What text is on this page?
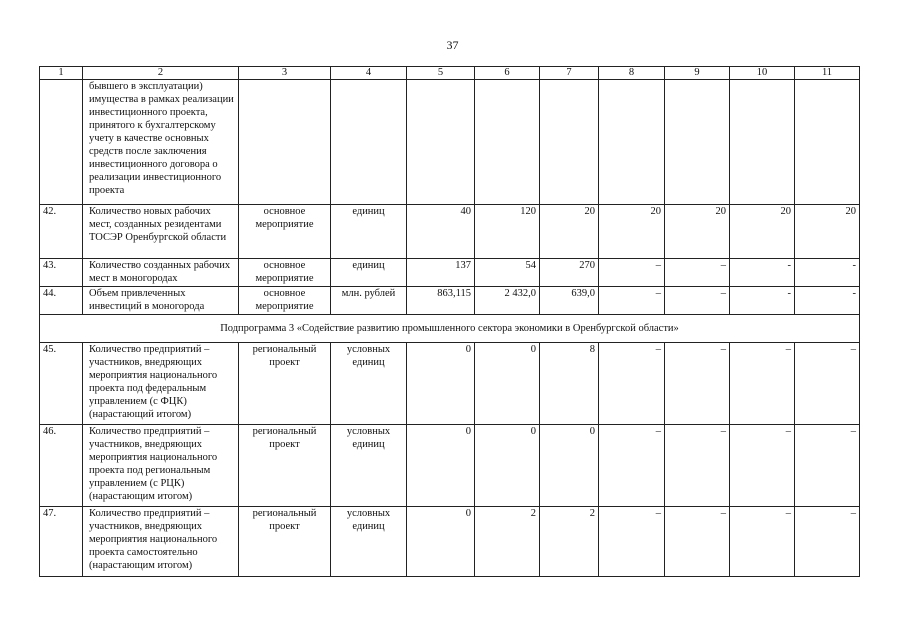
37
1	2	3	4	5	6	7	8	9	10	11
	бывшего в эксплуатации) имущества в рамках реализации инвестиционного проекта, принятого к бухгалтерскому учету в качестве основных средств после заключения инвестиционного договора о реализации инвестиционного проекта									
42.	Количество новых рабочих мест, созданных резидентами ТОСЭР Оренбургской области	основное мероприятие	единиц	40	120	20	20	20	20	20
43.	Количество созданных рабочих мест в моногородах	основное мероприятие	единиц	137	54	270	–	–	-	-
44.	Объем привлеченных инвестиций в моногорода	основное мероприятие	млн. рублей	863,115	2 432,0	639,0	–	–	-	-
Подпрограмма 3 «Содействие развитию промышленного сектора экономики в Оренбургской области»										
45.	Количество предприятий – участников, внедряющих мероприятия национального проекта под федеральным управлением (с ФЦК) (нарастающий итогом)	региональный проект	условных единиц	0	0	8	–	–	–	–
46.	Количество предприятий – участников, внедряющих мероприятия национального проекта под региональным управлением (с РЦК) (нарастающим итогом)	региональный проект	условных единиц	0	0	0	–	–	–	–
47.	Количество предприятий – участников, внедряющих мероприятия национального проекта самостоятельно (нарастающим итогом)	региональный проект	условных единиц	0	2	2	–	–	–	–
